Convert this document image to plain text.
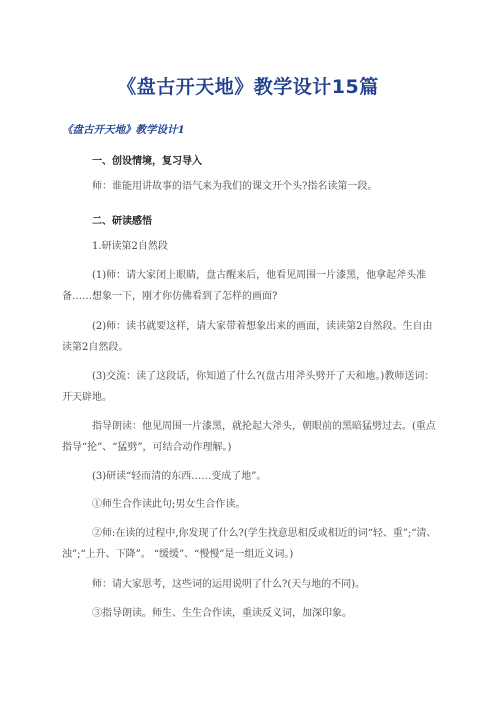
《盘古开天地》教学设计15篇
《盘古开天地》教学设计1
一、创设情境，复习导入

师：谁能用讲故事的语气来为我们的课文开个头?指名读第一段。

二、研读感悟

1.研读第2自然段

(1)师：请大家闭上眼睛，盘古醒来后，他看见周围一片漆黑，他拿起斧头准备……想象一下，刚才你仿佛看到了怎样的画面?

(2)师：读书就要这样，请大家带着想象出来的画面，读读第2自然段。生自由读第2自然段。

(3)交流：读了这段话，你知道了什么?(盘古用斧头劈开了天和地。)教师送词：开天辟地。

指导朗读：他见周围一片漆黑，就抡起大斧头，朝眼前的黑暗猛劈过去。(重点指导“抡”、“猛劈”，可结合动作理解。)

(3)研读“轻而清的东西……变成了地”。

①师生合作读此句;男女生合作读。

②师:在读的过程中,你发现了什么?(学生找意思相反或相近的词“轻、重”;“清、浊”;“上升、下降”。 “缓缓”、“慢慢”是一组近义词。)

师：请大家思考，这些词的运用说明了什么?(天与地的不同)。

③指导朗读。师生、生生合作读，重读反义词，加深印象。
